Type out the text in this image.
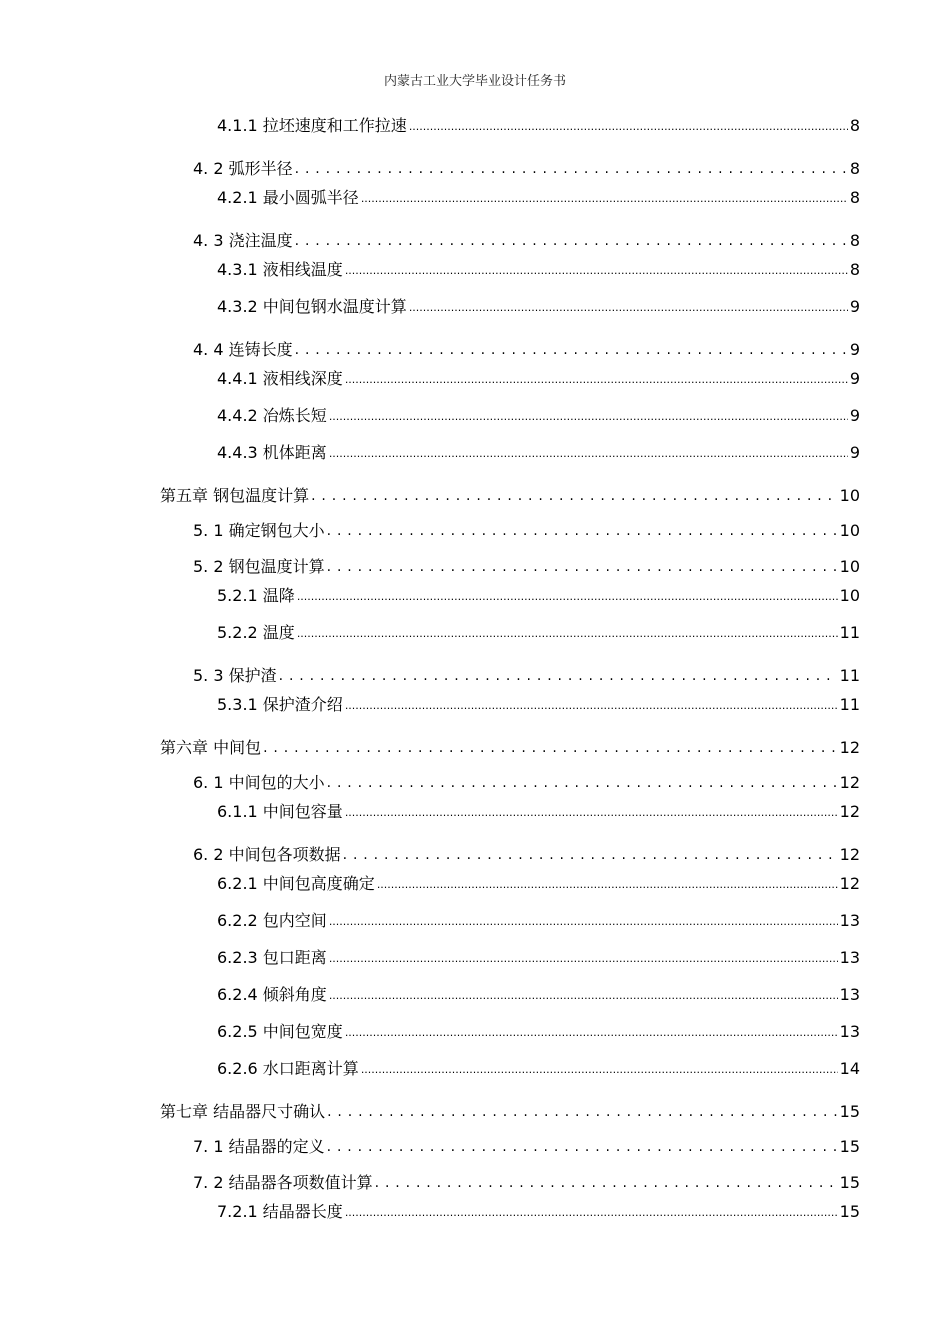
内蒙古工业大学毕业设计任务书
4.1.1 拉坯速度和工作拉速 .....	8
4. 2 弧形半径 .....	8
4.2.1 最小圆弧半径 .....	8
4. 3 浇注温度 .....	8
4.3.1 液相线温度 .....	8
4.3.2 中间包钢水温度计算 .....	9
4. 4 连铸长度 .....	9
4.4.1 液相线深度 .....	9
4.4.2 冶炼长短 .....	9
4.4.3 机体距离 .....	9
第五章 钢包温度计算 .....	10
5. 1 确定钢包大小 .....	10
5. 2 钢包温度计算 .....	10
5.2.1 温降 .....	10
5.2.2 温度 .....	11
5. 3 保护渣 .....	11
5.3.1 保护渣介绍 .....	11
第六章 中间包 .....	12
6. 1 中间包的大小 .....	12
6.1.1 中间包容量 .....	12
6. 2 中间包各项数据 .....	12
6.2.1 中间包高度确定 .....	12
6.2.2 包内空间 .....	13
6.2.3 包口距离 .....	13
6.2.4 倾斜角度 .....	13
6.2.5 中间包宽度 .....	13
6.2.6 水口距离计算 .....	14
第七章 结晶器尺寸确认 .....	15
7. 1 结晶器的定义 .....	15
7. 2 结晶器各项数值计算 .....	15
7.2.1 结晶器长度 .....	15
